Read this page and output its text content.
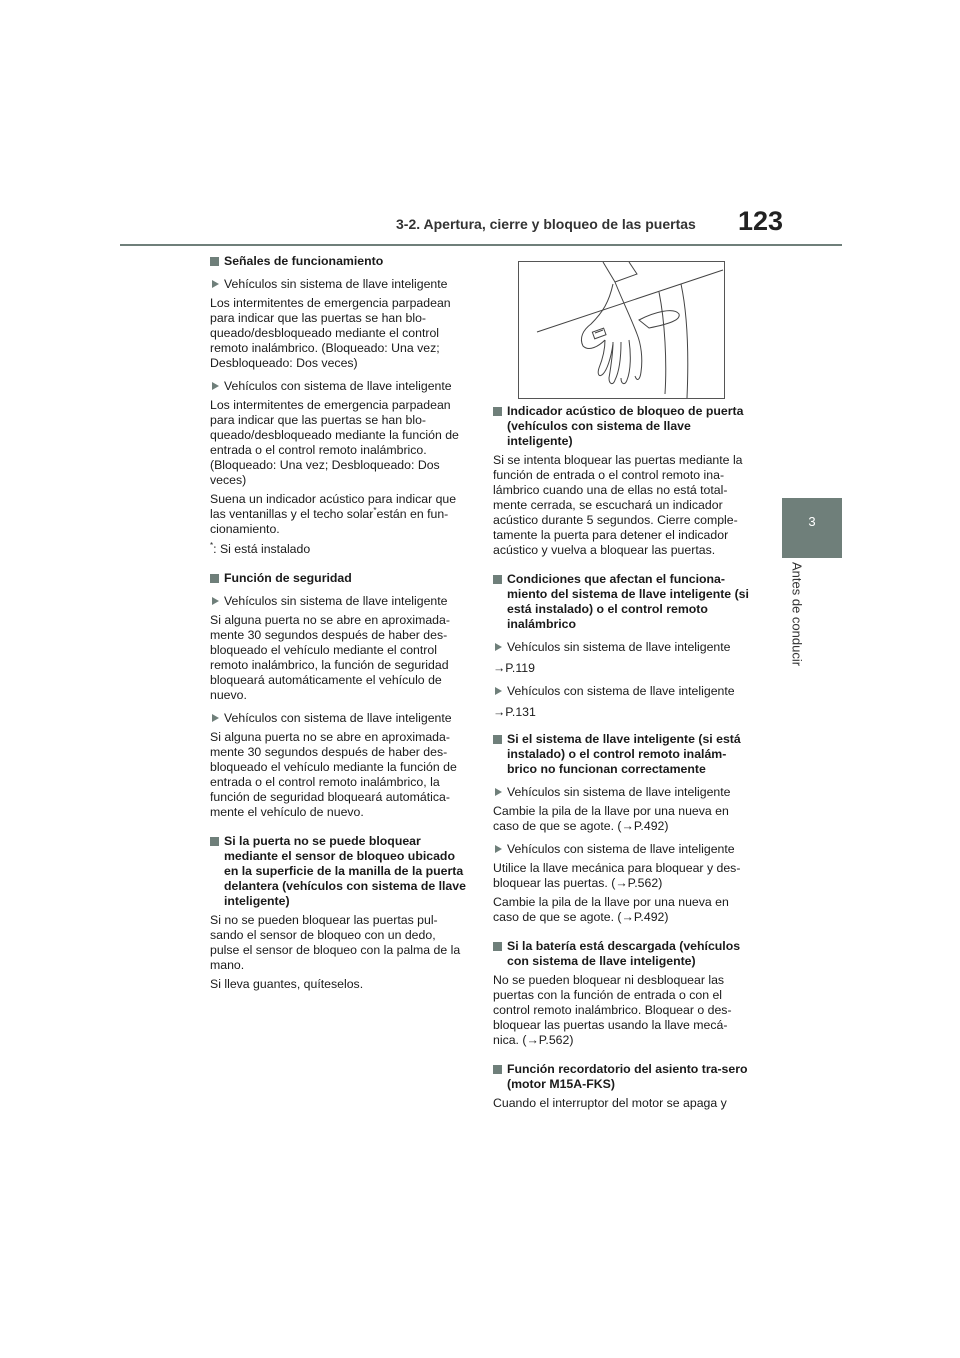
3-2. Apertura, cierre y bloqueo de las puertas 123
3
Antes de conducir

Señales de funcionamiento

Vehículos sin sistema de llave inteligente

Los intermitentes de emergencia parpadean para indicar que las puertas se han blo-queado/desbloqueado mediante el control remoto inalámbrico. (Bloqueado: Una vez; Desbloqueado: Dos veces)

Vehículos con sistema de llave inteligente

Los intermitentes de emergencia parpadean para indicar que las puertas se han blo-queado/desbloqueado mediante la función de entrada o el control remoto inalámbrico. (Bloqueado: Una vez; Desbloqueado: Dos veces)

Suena un indicador acústico para indicar que las ventanillas y el techo solar*están en fun-cionamiento.

*: Si está instalado

Función de seguridad

Vehículos sin sistema de llave inteligente

Si alguna puerta no se abre en aproximada-mente 30 segundos después de haber des-bloqueado el vehículo mediante el control remoto inalámbrico, la función de seguridad bloqueará automáticamente el vehículo de nuevo.

Vehículos con sistema de llave inteligente

Si alguna puerta no se abre en aproximada-mente 30 segundos después de haber des-bloqueado el vehículo mediante la función de entrada o el control remoto inalámbrico, la función de seguridad bloqueará automática-mente el vehículo de nuevo.

Si la puerta no se puede bloquear mediante el sensor de bloqueo ubicado en la superficie de la manilla de la puerta delantera (vehículos con sistema de llave inteligente)

Si no se pueden bloquear las puertas pul-sando el sensor de bloqueo con un dedo, pulse el sensor de bloqueo con la palma de la mano.

Si lleva guantes, quíteselos.

Indicador acústico de bloqueo de puerta (vehículos con sistema de llave inteligente)

Si se intenta bloquear las puertas mediante la función de entrada o el control remoto ina-lámbrico cuando una de ellas no está total-mente cerrada, se escuchará un indicador acústico durante 5 segundos. Cierre comple-tamente la puerta para detener el indicador acústico y vuelva a bloquear las puertas.

Condiciones que afectan el funciona-miento del sistema de llave inteligente (si está instalado) o el control remoto inalámbrico

Vehículos sin sistema de llave inteligente

→P.119

Vehículos con sistema de llave inteligente

→P.131

Si el sistema de llave inteligente (si está instalado) o el control remoto inalám-brico no funcionan correctamente

Vehículos sin sistema de llave inteligente

Cambie la pila de la llave por una nueva en caso de que se agote. (→P.492)

Vehículos con sistema de llave inteligente

Utilice la llave mecánica para bloquear y des-bloquear las puertas. (→P.562)

Cambie la pila de la llave por una nueva en caso de que se agote. (→P.492)

Si la batería está descargada (vehículos con sistema de llave inteligente)

No se pueden bloquear ni desbloquear las puertas con la función de entrada o con el control remoto inalámbrico. Bloquear o des-bloquear las puertas usando la llave mecá-nica. (→P.562)

Función recordatorio del asiento tra-sero (motor M15A-FKS)

Cuando el interruptor del motor se apaga y
